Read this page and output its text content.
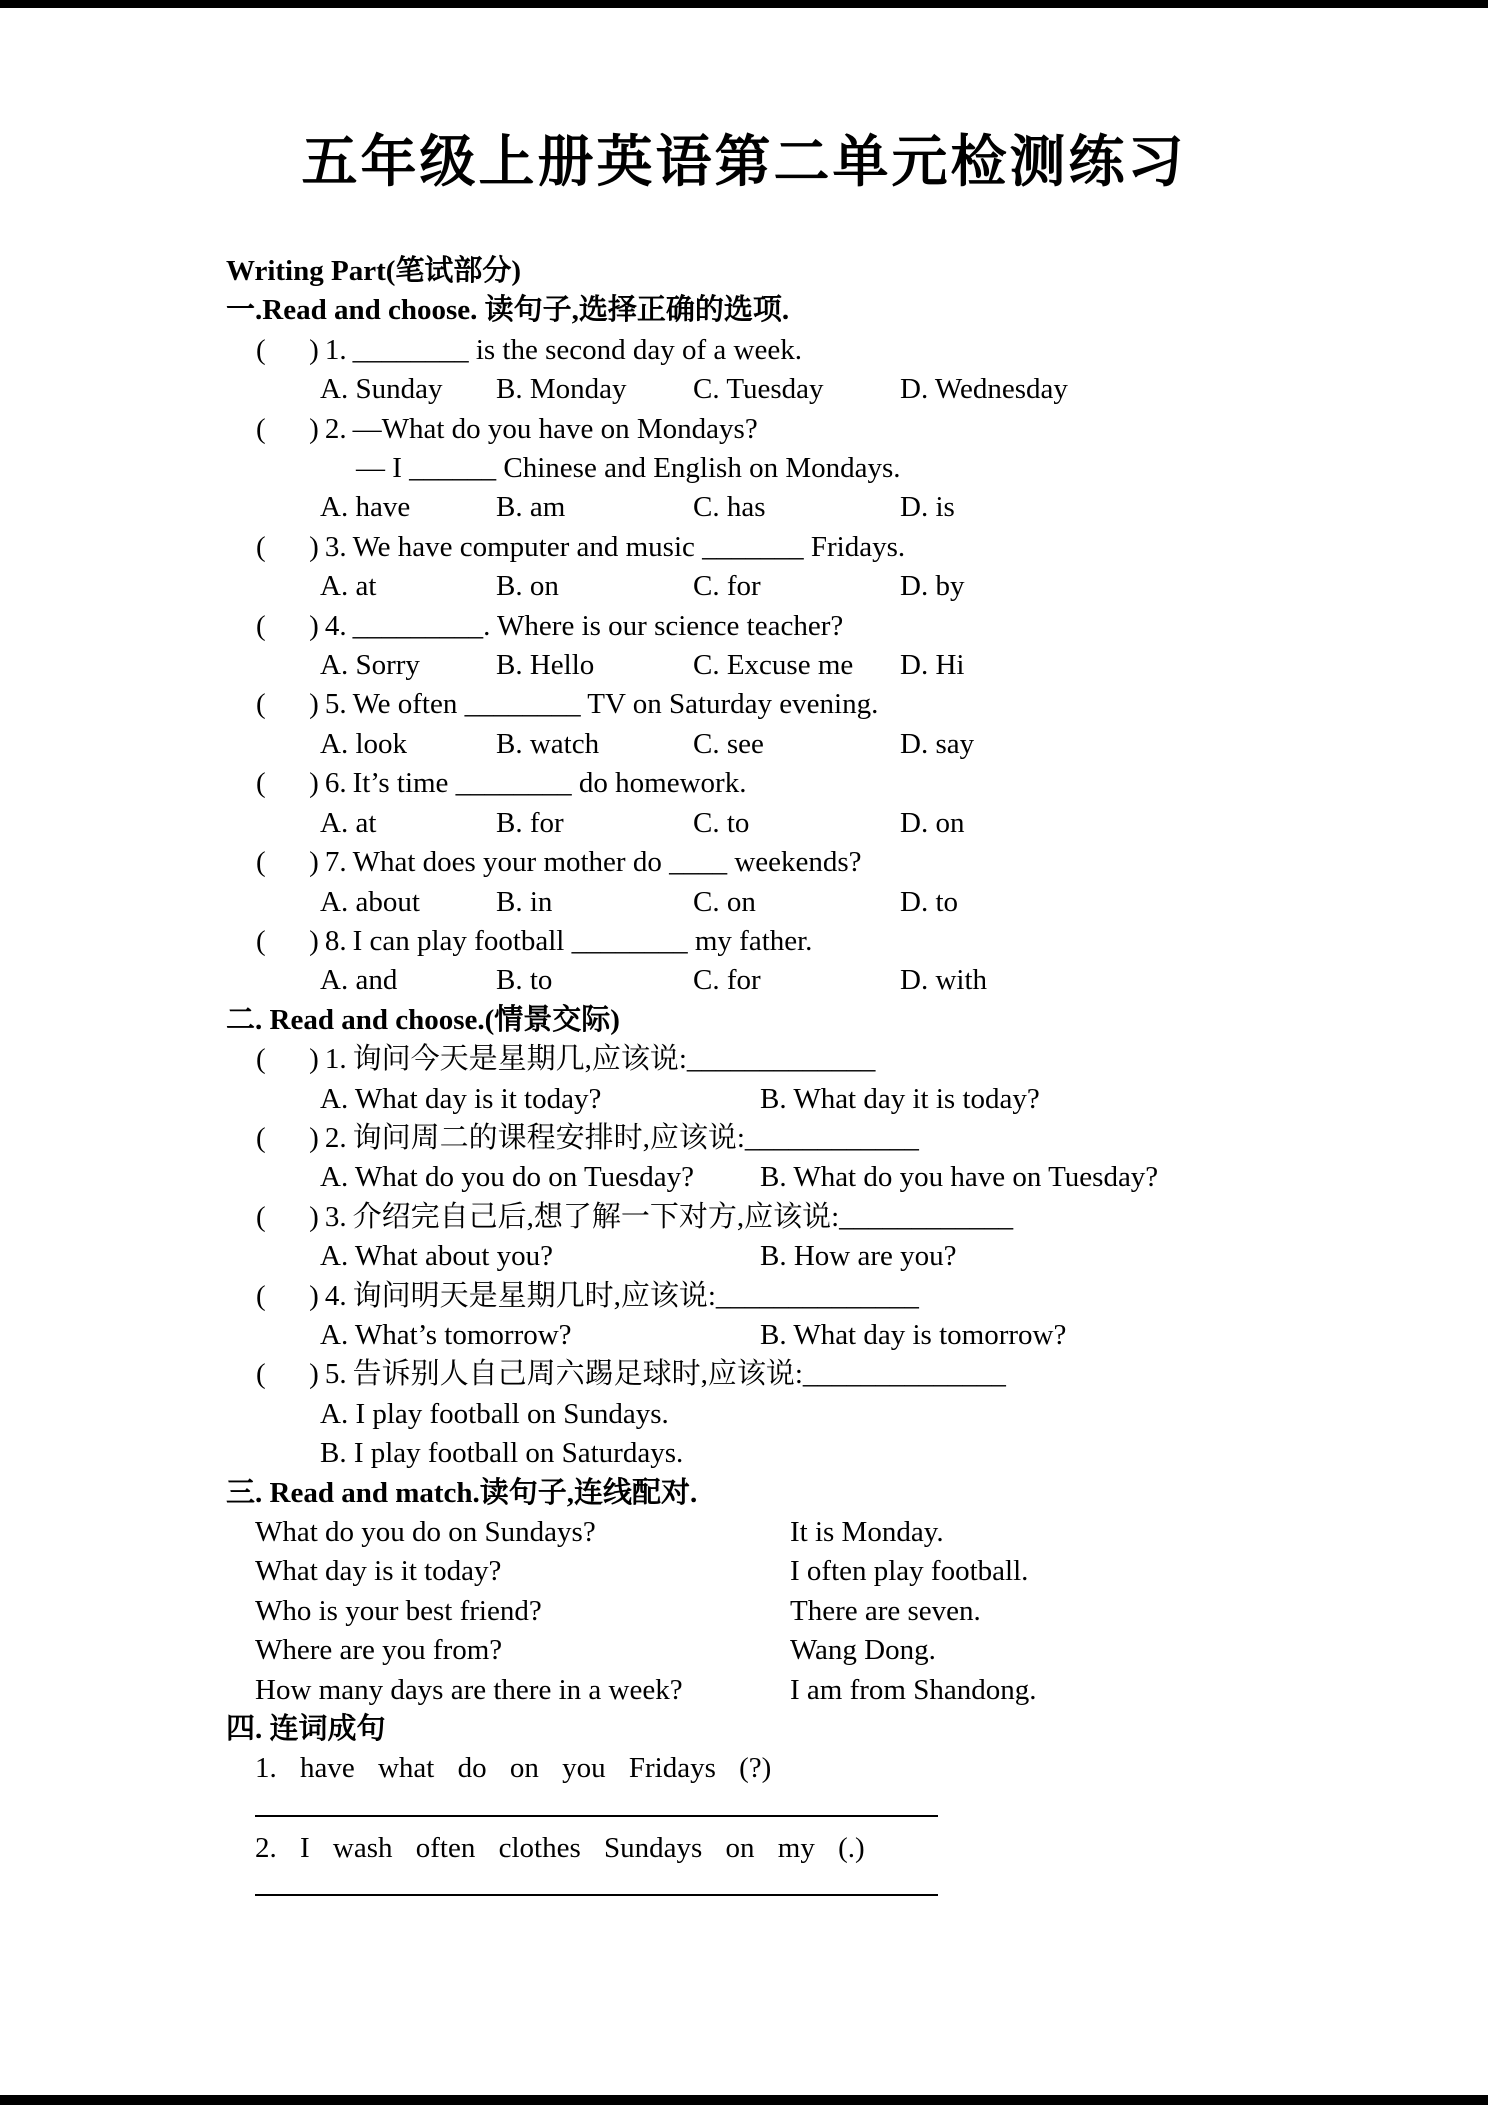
五年级上册英语第二单元检测练习
Writing Part(笔试部分)
一.Read and choose. 读句子,选择正确的选项.
(      ) 1. ________ is the second day of a week.
A. Sunday B. Monday C. Tuesday	D. Wednesday
(      ) 2. —What do you have on Mondays?
— I ______ Chinese and English on Mondays.
A. have	B. am	C. has	D. is
(      ) 3. We have computer and music _______ Fridays.
A. at	B. on	C. for	D. by
(      ) 4. _________. Where is our science teacher?
A. Sorry	B. Hello	C. Excuse me D. Hi
(      ) 5. We often ________ TV on Saturday evening.
A. look	B. watch	C. see	D. say
(      ) 6. It’s time ________ do homework.
A. at	B. for	C. to	D. on
(      ) 7. What does your mother do ____ weekends?
A. about	B. in	C. on	D. to
(      ) 8. I can play football ________ my father.
A. and	B. to	C. for	D. with
二. Read and choose.(情景交际)
(      ) 1. 询问今天是星期几,应该说:_____________
A. What day is it today?	B. What day it is today?
(      ) 2. 询问周二的课程安排时,应该说:____________
A. What do you do on Tuesday? B. What do you have on Tuesday?
(      ) 3. 介绍完自己后,想了解一下对方,应该说:____________
A. What about you?	B. How are you?
(      ) 4. 询问明天是星期几时,应该说:______________
A. What’s tomorrow?	B. What day is tomorrow?
(      ) 5. 告诉别人自己周六踢足球时,应该说:______________
A. I play football on Sundays.
B. I play football on Saturdays.
三. Read and match.读句子,连线配对.
What do you do on Sundays?	It is Monday.
What day is it today?	I often play football.
Who is your best friend?	There are seven.
Where are you from?	Wang Dong.
How many days are there in a week?	I am from Shandong.
四. 连词成句
1. have what do on you Fridays (?)
2. I wash often clothes Sundays on my (.)
